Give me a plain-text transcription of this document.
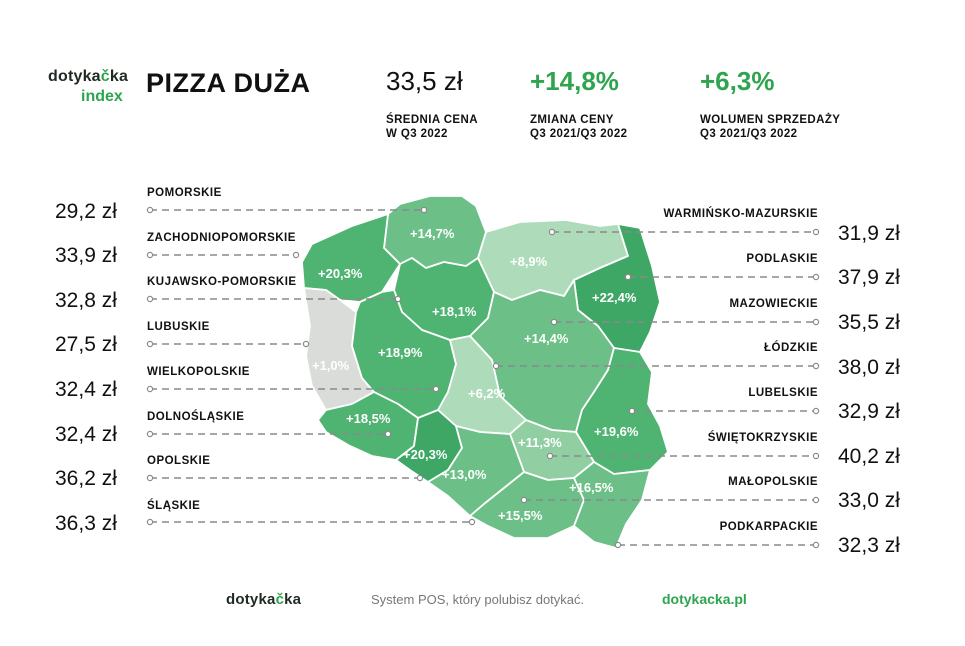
dotykačka
index PIZZA DUŻA	33,5 zł
ŚREDNIA CENA
W Q3 2022
+14,8%
ZMIANA CENY
Q3 2021/Q3 2022
+6,3%
WOLUMEN SPRZEDAŻY
Q3 2021/Q3 2022
+14,7%
+20,3%
+8,9%
+22,4%
+18,1%
+1,0%
+18,9%
+14,4%
+6,2%
+19,6%
+18,5%
+20,3%
+11,3%
+13,0%
+15,5%
+16,5%
POMORSKIE
29,2 zł
ZACHODNIOPOMORSKIE
33,9 zł
KUJAWSKO-POMORSKIE
32,8 zł
LUBUSKIE
27,5 zł
WIELKOPOLSKIE
32,4 zł
DOLNOŚLĄSKIE
32,4 zł
OPOLSKIE
36,2 zł
ŚLĄSKIE
36,3 zł
WARMIŃSKO-MAZURSKIE
31,9 zł
PODLASKIE
37,9 zł
MAZOWIECKIE
35,5 zł
ŁÓDZKIE
38,0 zł
LUBELSKIE
32,9 zł
ŚWIĘTOKRZYSKIE
40,2 zł
MAŁOPOLSKIE
33,0 zł
PODKARPACKIE
32,3 zł
dotykačka	System POS, który polubisz dotykać.	dotykacka.pl
